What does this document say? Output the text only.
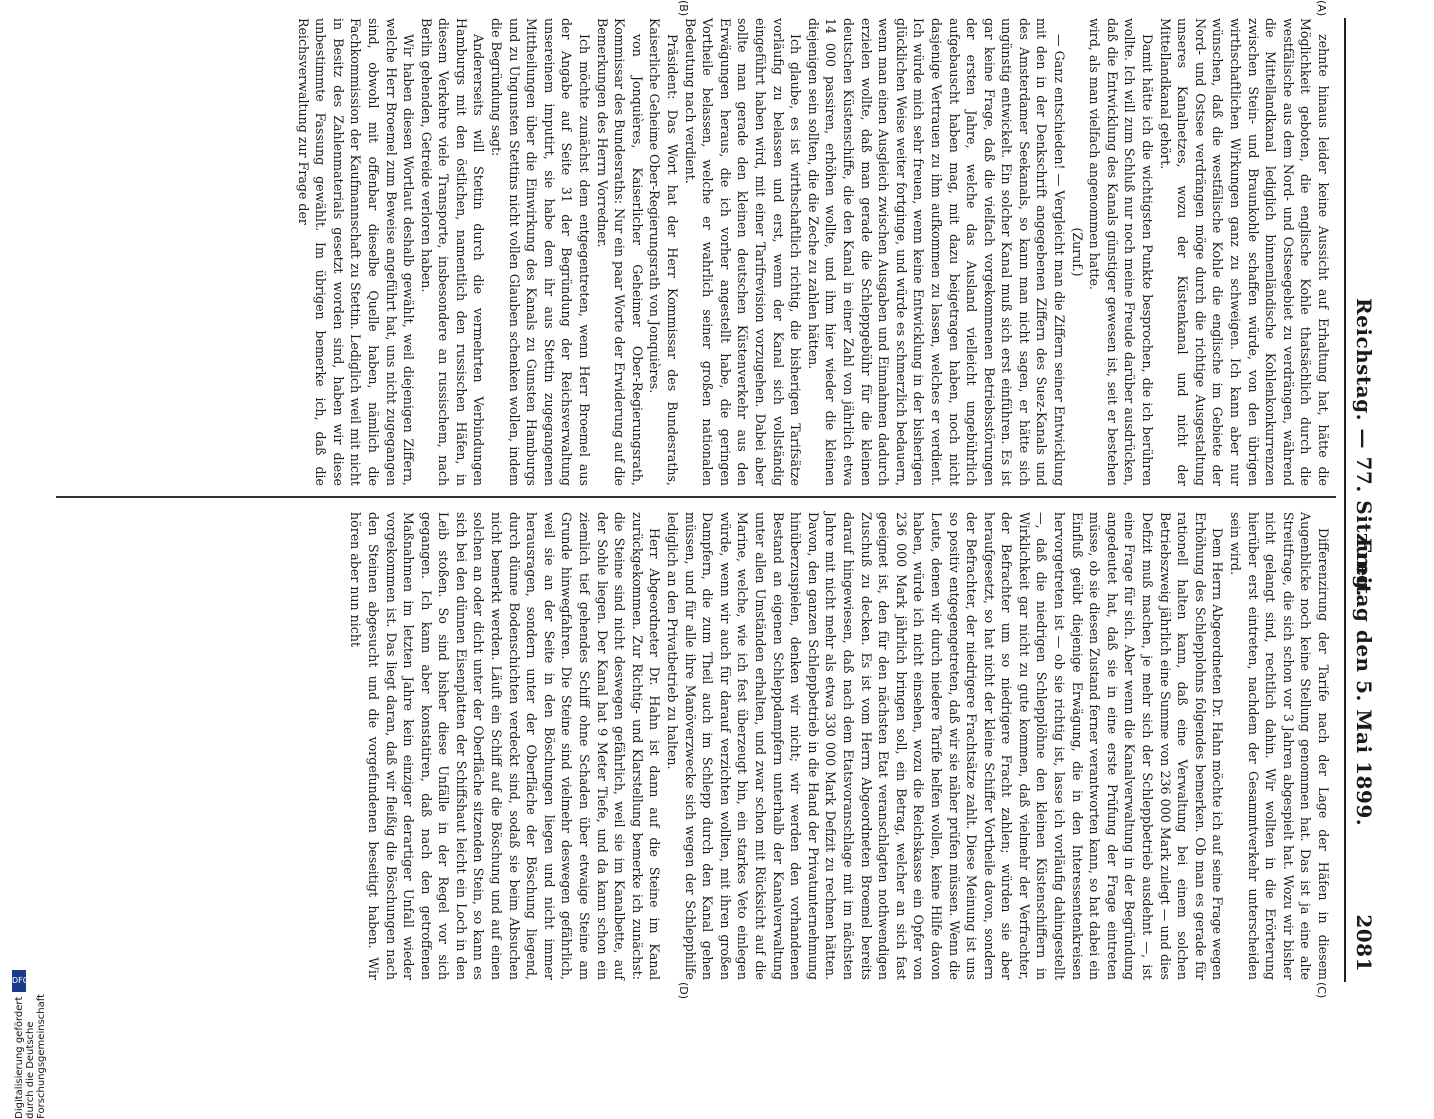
Reichstag. — 77. Sitzung.
Freitag den 5. Mai 1899.
2081
(A)
(B)
(C)
(D)

zehnte hinaus leider keine Aussicht auf Erhaltung hat, hätte die Möglichkeit geboten, die englische Kohle thatsächlich durch die westfälische aus dem Nord- und Ostseegebiet zu verdrängen, während die Mittellandkanal lediglich binnenländische Kohlenkonkurrenzen zwischen Stein- und Braunkohle schaffen würde, von den übrigen wirthschaftlichen Wirkungen ganz zu schweigen. Ich kann aber nur wünschen, daß die westfälische Kohle die englische im Gebiete der Nord- und Ostsee verdrängen möge durch die richtige Ausgestaltung unseres Kanalnetzes, wozu der Küstenkanal und nicht der Mittellandkanal gehört.

Damit hätte ich die wichtigsten Punkte besprochen, die ich berühren wollte. Ich will zum Schluß nur noch meine Freude darüber ausdrücken, daß die Entwicklung des Kanals günstiger gewesen ist, seit er bestehen wird, als man vielfach angenommen hatte.

(Zuruf.)

— Ganz entschieden! — Vergleicht man die Ziffern seiner Entwicklung mit den in der Denkschrift angegebenen Ziffern des Suez-Kanals und des Amsterdamer Seekanals, so kann man nicht sagen, er hätte sich ungünstig entwickelt. Ein solcher Kanal muß sich erst einführen. Es ist gar keine Frage, daß die vielfach vorgekommenen Betriebsstörungen der ersten Jahre, welche das Ausland vielleicht ungebührlich aufgebauscht haben mag, mit dazu beigetragen haben, noch nicht dasjenige Vertrauen zu ihm aufkommen zu lassen, welches er verdient. Ich würde mich sehr freuen, wenn keine Entwicklung in der bisherigen glücklichen Weise weiter fortginge, und würde es schmerzlich bedauern, wenn man einen Ausgleich zwischen Ausgaben und Einnahmen dadurch erzielen wollte, daß man gerade die Schleppgebühr für die kleinen deutschen Küstenschiffe, die den Kanal in einer Zahl von jährlich etwa 14 000 passiren, erhöhen wollte, und ihm hier wieder die kleinen diejenigen sein sollten, die die Zeche zu zahlen hätten.

Ich glaube, es ist wirthschaftlich richtig, die bisherigen Tarifsätze vorläufig zu belassen und erst, wenn der Kanal sich vollständig eingeführt haben wird, mit einer Tarifrevision vorzugehen. Dabei aber sollte man gerade den kleinen deutschen Küstenverkehr aus den Erwägungen heraus, die ich vorher angestellt habe, die geringen Vortheile belassen, welche er wahrlich seiner großen nationalen Bedeutung nach verdient.

Präsident: Das Wort hat der Herr Kommissar des Bundesraths, Kaiserliche Geheime Ober-Regierungsrath von Jonquières.

von Jonquières, Kaiserlicher Geheimer Ober-Regierungsrath, Kommissar des Bundesraths: Nur ein paar Worte der Erwiderung auf die Bemerkungen des Herrn Vorredner.

Ich möchte zunächst dem entgegentreten, wenn Herr Broemel aus der Angabe auf Seite 31 der Begründung der Reichsverwaltung unsereinem imputirt, sie habe dem ihr aus Stettin zugegangenen Mittheilungen über die Einwirkung des Kanals zu Gunsten Hamburgs und zu Ungunsten Stettins nicht vollen Glauben schenken wollen, indem die Begründung sagt:

Andererseits will Stettin durch die vermehrten Verbindungen Hamburgs mit den östlichen, namentlich den russischen Häfen, in diesem Verkehre viele Transporte, insbesondere an russischem, nach Berlin gehenden, Getreide verloren haben.

Wir haben diesen Wortlaut deshalb gewählt, weil diejenigen Ziffern, welche Herr Broemel zum Beweise angeführt hat, uns nicht zugegangen sind, obwohl mit offenbar dieselbe Quelle haben, nämlich die Fachkommission der Kaufmannschaft zu Stettin. Lediglich weil mit nicht in Besitz des Zahlenmaterials gesetzt worden sind, haben wir diese unbestimmte Fassung gewählt. Im übrigen bemerke ich, daß die Reichsverwaltung zur Frage der

Differenzirung der Tarife nach der Lage der Häfen in diesem Augenblicke noch keine Stellung genommen hat. Das ist ja eine alte Streitfrage, die sich schon vor 3 Jahren abgespielt hat. Wozu wir bisher nicht gelangt sind, rechtlich dahin. Wir wollten in die Erörterung hierüber erst eintreten, nachdem der Gesammtverkehr unterscheiden sein wird.

Dem Herrn Abgeordneten Dr. Hahn möchte ich auf seine Frage wegen Erhöhung des Schlepplohns folgendes bemerken. Ob man es gerade für rationell halten kann, daß eine Verwaltung bei einem solchen Betriebszweig jährlich eine Summe von 236 000 Mark zulegt — und dies Defizit muß machen, je mehr sich der Schleppbetrieb ausdehnt —, ist eine Frage für sich. Aber wenn die Kanalverwaltung in der Begründung angedeutet hat, daß sie in eine erste Prüfung der Frage eintreten müsse, ob sie diesen Zustand ferner verantworten kann, so hat dabei ein Einfluß geübt diejenige Erwägung, die in den Interessentenkreisen hervorgetreten ist — ob sie richtig ist, lasse ich vorläufig dahingestellt —, daß die niedrigen Schlepplöhne den kleinen Küstenschiffern in Wirklichkeit gar nicht zu gute kommen, daß vielmehr der Verfrachter, der Befrachter um so niedrigere Fracht zahlen; würden sie aber heraufgesetzt, so hat nicht der kleine Schiffer Vortheile davon, sondern der Befrachter, der niedrigere Frachtsätze zahlt. Diese Meinung ist uns so positiv entgegengetreten, daß wir sie näher prüfen müssen. Wenn die Leute, denen wir durch niedere Tarife helfen wollen, keine Hilfe davon haben, würde ich nicht einsehen, wozu die Reichskasse ein Opfer von 236 000 Mark jährlich bringen soll, ein Betrag, welcher an sich fast geeignet ist, den für den nächsten Etat veranschlagten nothwendigen Zuschuß zu decken. Es ist vom Herrn Abgeordneten Broemel bereits darauf hingewiesen, daß nach dem Etatsvoranschlage mit im nächsten Jahre mit nicht mehr als etwa 330 000 Mark Defizit zu rechnen hätten. Davon, den ganzen Schleppbetrieb in die Hand der Privatunternehmung hinüberzuspielen, denken wir nicht; wir werden den vorhandenen Bestand an eigenen Schleppdampfern unterhalb der Kanalverwaltung unter allen Umständen erhalten, und zwar schon mit Rücksicht auf die Marine, welche, wie ich fest überzeugt bin, ein starkes Veto einlegen würde, wenn wir auch für darauf verzichten wollten, mit ihren großen Dampfern, die zum Theil auch im Schlepp durch den Kanal gehen müssen, und für alle ihre Manöverzwecke sich wegen der Schlepphilfe lediglich an den Privatbetrieb zu halten.

Herr Abgeordneter Dr. Hahn ist dann auf die Steine im Kanal zurückgekommen. Zur Richtig- und Klarstellung bemerke ich zunächst: die Steine sind nicht deswegen gefährlich, weil sie im Kanalbette, auf der Sohle liegen. Der Kanal hat 9 Meter Tiefe, und da kann schon ein ziemlich tief gehendes Schiff ohne Schaden über etwaige Steine am Grunde hinwegfahren. Die Steine sind vielmehr deswegen gefährlich, weil sie an der Seite in den Böschungen liegen und nicht immer herausragen, sondern unter der Oberfläche der Böschung liegend, durch dünne Bodenschichten verdeckt sind, sodaß sie beim Absuchen nicht bemerkt werden. Läuft ein Schiff auf die Böschung und auf einen solchen an oder dicht unter der Oberfläche sitzenden Stein, so kann es sich bei den dünnen Eisenplatten der Schiffshaut leicht ein Loch in den Leib stoßen. So sind bisher diese Unfälle in der Regel vor sich gegangen. Ich kann aber konstatiren, daß nach den getroffenen Maßnahmen im letzten Jahre kein einziger derartiger Unfall wieder vorgekommen ist. Das liegt daran, daß wir fleißig die Böschungen nach den Steinen abgesucht und die vorgefundenen beseitigt haben. Wir hören aber nun nicht

Digitalisierung gefördert durch die Deutsche Forschungsgemeinschaft
DFG
